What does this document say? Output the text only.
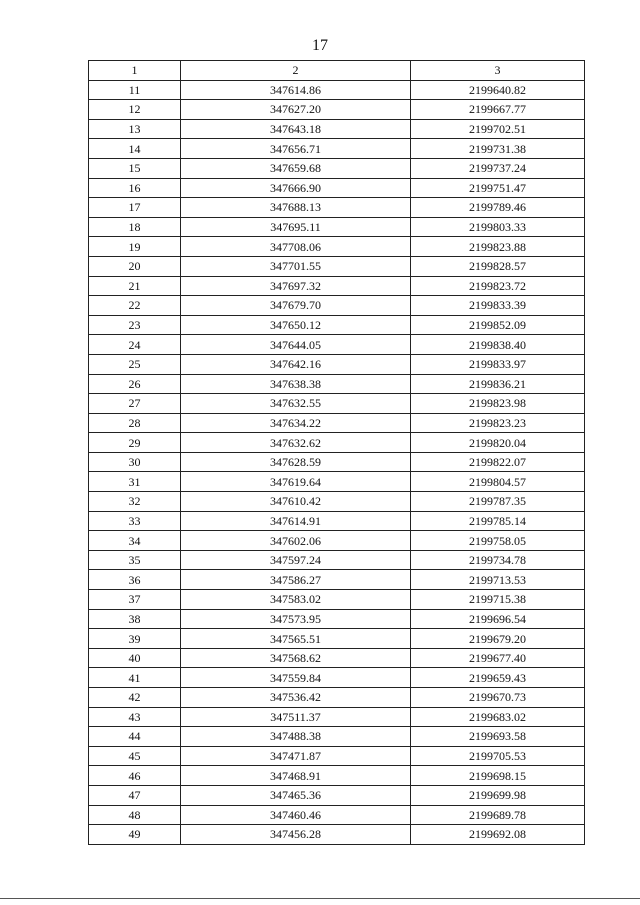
17
1	2	3
11	347614.86	2199640.82
12	347627.20	2199667.77
13	347643.18	2199702.51
14	347656.71	2199731.38
15	347659.68	2199737.24
16	347666.90	2199751.47
17	347688.13	2199789.46
18	347695.11	2199803.33
19	347708.06	2199823.88
20	347701.55	2199828.57
21	347697.32	2199823.72
22	347679.70	2199833.39
23	347650.12	2199852.09
24	347644.05	2199838.40
25	347642.16	2199833.97
26	347638.38	2199836.21
27	347632.55	2199823.98
28	347634.22	2199823.23
29	347632.62	2199820.04
30	347628.59	2199822.07
31	347619.64	2199804.57
32	347610.42	2199787.35
33	347614.91	2199785.14
34	347602.06	2199758.05
35	347597.24	2199734.78
36	347586.27	2199713.53
37	347583.02	2199715.38
38	347573.95	2199696.54
39	347565.51	2199679.20
40	347568.62	2199677.40
41	347559.84	2199659.43
42	347536.42	2199670.73
43	347511.37	2199683.02
44	347488.38	2199693.58
45	347471.87	2199705.53
46	347468.91	2199698.15
47	347465.36	2199699.98
48	347460.46	2199689.78
49	347456.28	2199692.08
